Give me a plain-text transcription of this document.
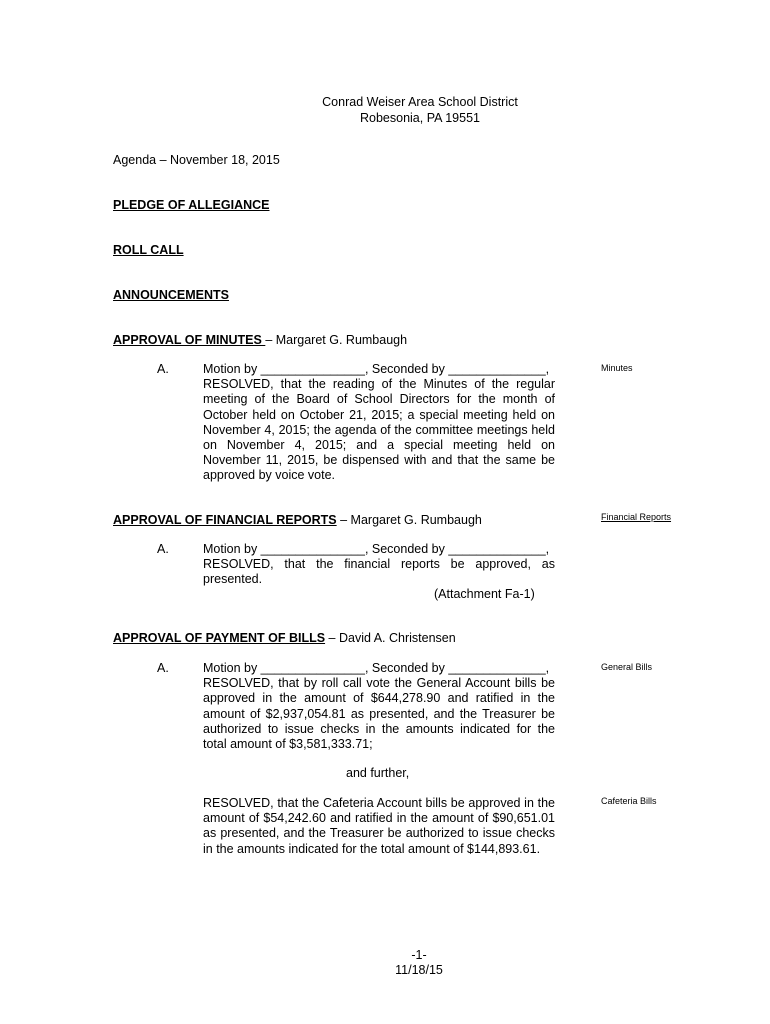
Conrad Weiser Area School District
Robesonia, PA 19551
Agenda – November 18, 2015
PLEDGE OF ALLEGIANCE
ROLL CALL
ANNOUNCEMENTS
APPROVAL OF MINUTES – Margaret G. Rumbaugh
A.	Motion by _______________, Seconded by ______________,
RESOLVED, that the reading of the Minutes of the regular meeting of the Board of School Directors for the month of October held on October 21, 2015; a special meeting held on November 4, 2015; the agenda of the committee meetings held on November 4, 2015; and a special meeting held on November 11, 2015, be dispensed with and that the same be approved by voice vote.
Minutes
APPROVAL OF FINANCIAL REPORTS – Margaret G. Rumbaugh	Financial Reports
A.	Motion by _______________, Seconded by ______________,
RESOLVED, that the financial reports be approved, as presented.
(Attachment Fa-1)
APPROVAL OF PAYMENT OF BILLS – David A. Christensen
A.	Motion by _______________, Seconded by ______________,
RESOLVED, that by roll call vote the General Account bills be approved in the amount of $644,278.90 and ratified in the amount of $2,937,054.81 as presented, and the Treasurer be authorized to issue checks in the amounts indicated for the total amount of $3,581,333.71;
General Bills
and further,
RESOLVED, that the Cafeteria Account bills be approved in the amount of $54,242.60 and ratified in the amount of $90,651.01 as presented, and the Treasurer be authorized to issue checks in the amounts indicated for the total amount of $144,893.61.
Cafeteria Bills
-1-
11/18/15
